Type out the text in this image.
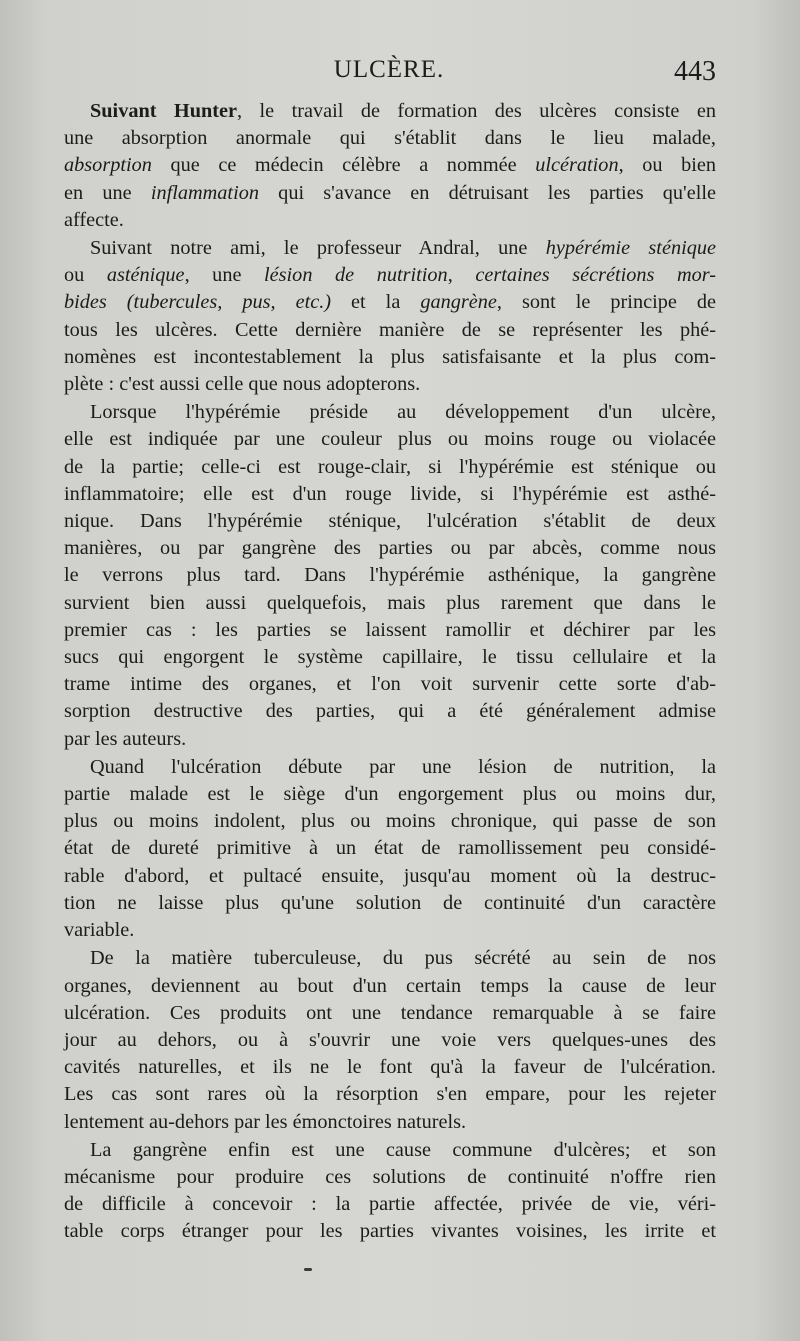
ULCÈRE.	443

Suivant Hunter, le travail de formation des ulcères consiste en
une absorption anormale qui s'établit dans le lieu malade,
absorption que ce médecin célèbre a nommée ulcération, ou bien
en une inflammation qui s'avance en détruisant les parties qu'elle
affecte.

Suivant notre ami, le professeur Andral, une hypérémie sténique
ou asténique, une lésion de nutrition, certaines sécrétions mor-
bides (tubercules, pus, etc.) et la gangrène, sont le principe de
tous les ulcères. Cette dernière manière de se représenter les phé-
nomènes est incontestablement la plus satisfaisante et la plus com-
plète : c'est aussi celle que nous adopterons.

Lorsque l'hypérémie préside au développement d'un ulcère,
elle est indiquée par une couleur plus ou moins rouge ou violacée
de la partie; celle-ci est rouge-clair, si l'hypérémie est sténique ou
inflammatoire; elle est d'un rouge livide, si l'hypérémie est asthé-
nique. Dans l'hypérémie sténique, l'ulcération s'établit de deux
manières, ou par gangrène des parties ou par abcès, comme nous
le verrons plus tard. Dans l'hypérémie asthénique, la gangrène
survient bien aussi quelquefois, mais plus rarement que dans le
premier cas : les parties se laissent ramollir et déchirer par les
sucs qui engorgent le système capillaire, le tissu cellulaire et la
trame intime des organes, et l'on voit survenir cette sorte d'ab-
sorption destructive des parties, qui a été généralement admise
par les auteurs.

Quand l'ulcération débute par une lésion de nutrition, la
partie malade est le siège d'un engorgement plus ou moins dur,
plus ou moins indolent, plus ou moins chronique, qui passe de son
état de dureté primitive à un état de ramollissement peu considé-
rable d'abord, et pultacé ensuite, jusqu'au moment où la destruc-
tion ne laisse plus qu'une solution de continuité d'un caractère
variable.

De la matière tuberculeuse, du pus sécrété au sein de nos
organes, deviennent au bout d'un certain temps la cause de leur
ulcération. Ces produits ont une tendance remarquable à se faire
jour au dehors, ou à s'ouvrir une voie vers quelques-unes des
cavités naturelles, et ils ne le font qu'à la faveur de l'ulcération.
Les cas sont rares où la résorption s'en empare, pour les rejeter
lentement au-dehors par les émonctoires naturels.

La gangrène enfin est une cause commune d'ulcères; et son
mécanisme pour produire ces solutions de continuité n'offre rien
de difficile à concevoir : la partie affectée, privée de vie, véri-
table corps étranger pour les parties vivantes voisines, les irrite et
